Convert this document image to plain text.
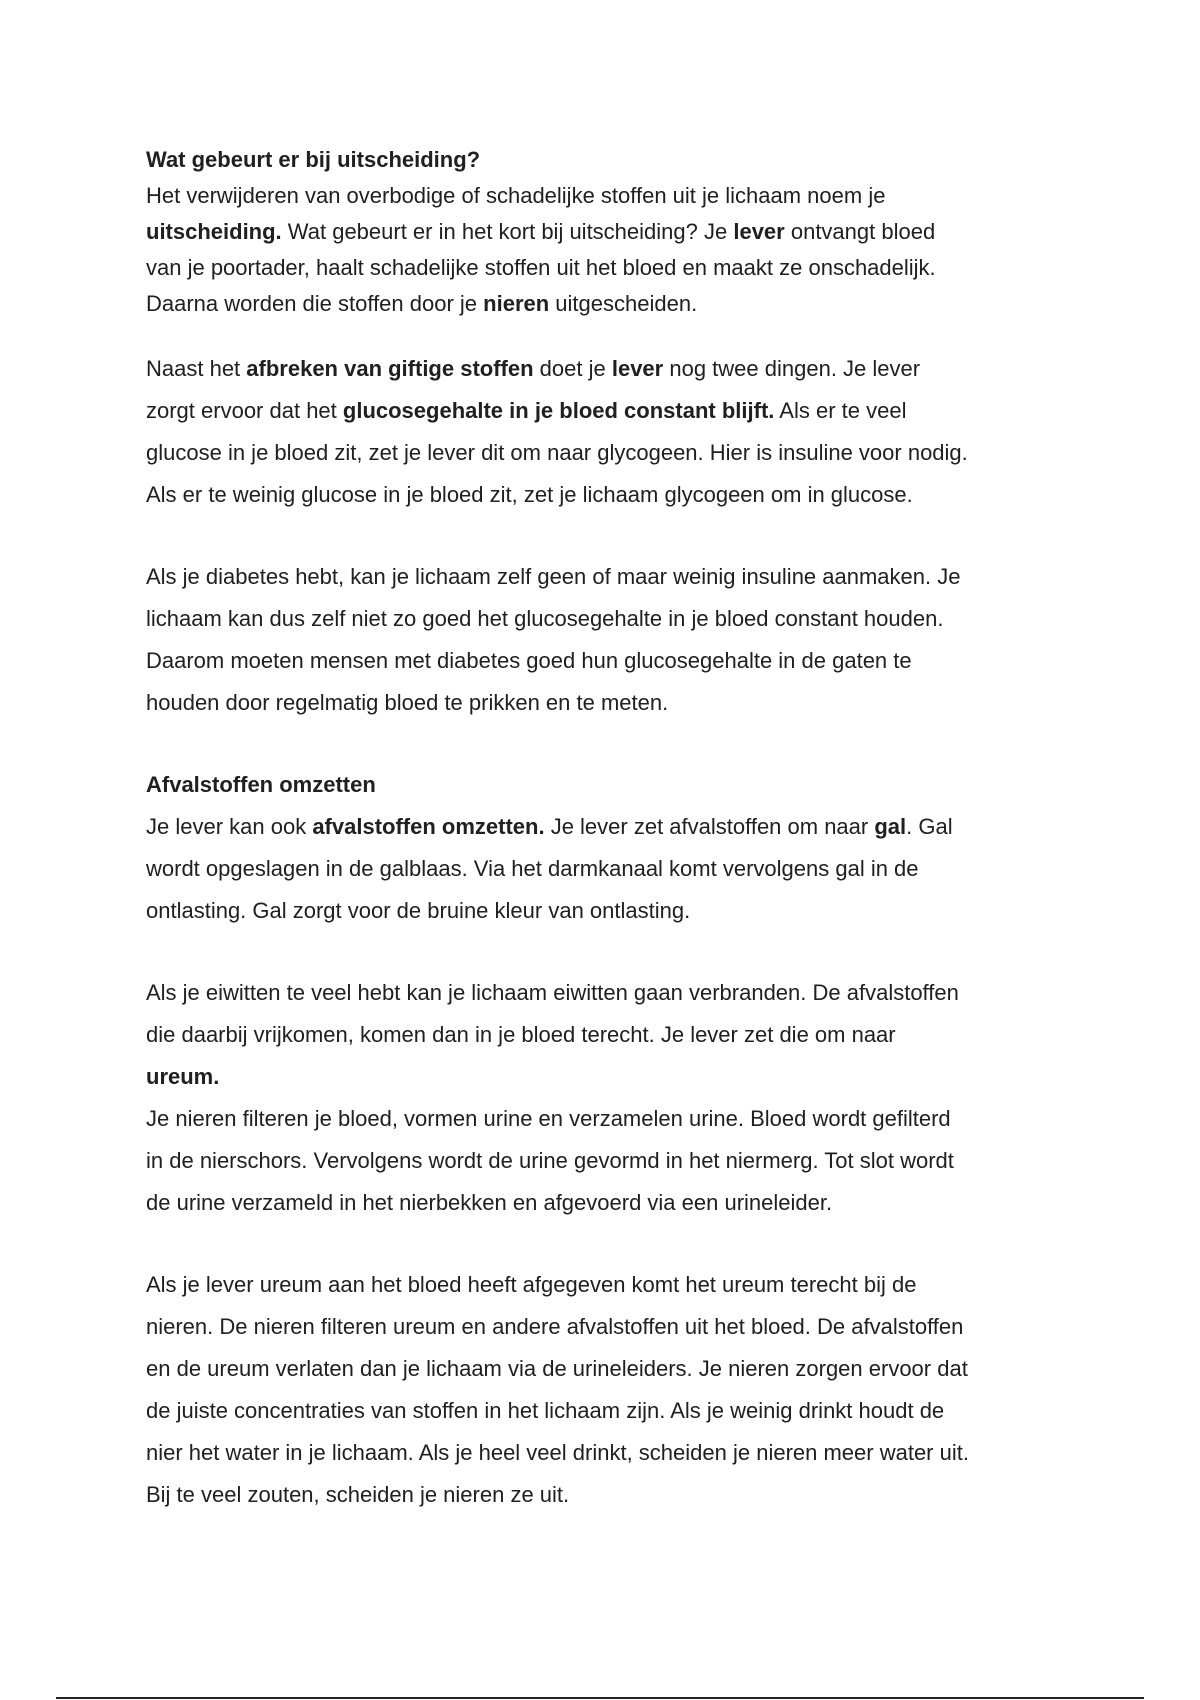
Wat gebeurt er bij uitscheiding?
Het verwijderen van overbodige of schadelijke stoffen uit je lichaam noem je
uitscheiding. Wat gebeurt er in het kort bij uitscheiding? Je lever ontvangt bloed
van je poortader, haalt schadelijke stoffen uit het bloed en maakt ze onschadelijk.
Daarna worden die stoffen door je nieren uitgescheiden.
Naast het afbreken van giftige stoffen doet je lever nog twee dingen. Je lever
zorgt ervoor dat het glucosegehalte in je bloed constant blijft. Als er te veel
glucose in je bloed zit, zet je lever dit om naar glycogeen. Hier is insuline voor nodig.
Als er te weinig glucose in je bloed zit, zet je lichaam glycogeen om in glucose.
Als je diabetes hebt, kan je lichaam zelf geen of maar weinig insuline aanmaken. Je
lichaam kan dus zelf niet zo goed het glucosegehalte in je bloed constant houden.
Daarom moeten mensen met diabetes goed hun glucosegehalte in de gaten te
houden door regelmatig bloed te prikken en te meten.
Afvalstoffen omzetten
Je lever kan ook afvalstoffen omzetten. Je lever zet afvalstoffen om naar gal. Gal
wordt opgeslagen in de galblaas. Via het darmkanaal komt vervolgens gal in de
ontlasting. Gal zorgt voor de bruine kleur van ontlasting.
Als je eiwitten te veel hebt kan je lichaam eiwitten gaan verbranden. De afvalstoffen
die daarbij vrijkomen, komen dan in je bloed terecht. Je lever zet die om naar
ureum.
Je nieren filteren je bloed, vormen urine en verzamelen urine. Bloed wordt gefilterd
in de nierschors. Vervolgens wordt de urine gevormd in het niermerg. Tot slot wordt
de urine verzameld in het nierbekken en afgevoerd via een urineleider.
Als je lever ureum aan het bloed heeft afgegeven komt het ureum terecht bij de
nieren. De nieren filteren ureum en andere afvalstoffen uit het bloed. De afvalstoffen
en de ureum verlaten dan je lichaam via de urineleiders. Je nieren zorgen ervoor dat
de juiste concentraties van stoffen in het lichaam zijn. Als je weinig drinkt houdt de
nier het water in je lichaam. Als je heel veel drinkt, scheiden je nieren meer water uit.
Bij te veel zouten, scheiden je nieren ze uit.
